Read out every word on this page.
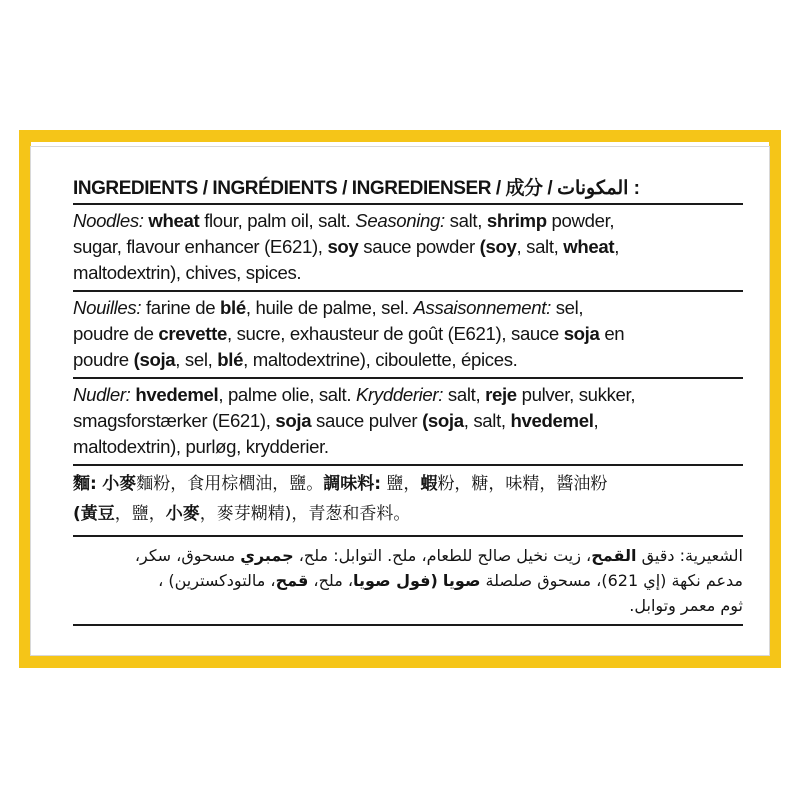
INGREDIENTS / INGRÉDIENTS / INGREDIENSER / 成分 / المكونات :
Noodles: wheat flour, palm oil, salt. Seasoning: salt, shrimp powder,
sugar, flavour enhancer (E621), soy sauce powder (soy, salt, wheat,
maltodextrin), chives, spices.
Nouilles: farine de blé, huile de palme, sel. Assaisonnement: sel,
poudre de crevette, sucre, exhausteur de goût (E621), sauce soja en
poudre (soja, sel, blé, maltodextrine), ciboulette, épices.
Nudler: hvedemel, palme olie, salt. Krydderier: salt, reje pulver, sukker,
smagsforstærker (E621), soja sauce pulver (soja, salt, hvedemel,
maltodextrin), purløg, krydderier.
麵: 小麥麵粉，食用棕櫚油，鹽。調味料: 鹽，蝦粉，糖，味精，醬油粉
(黃豆，鹽，小麥，麥芽糊精)，青葱和香料。
الشعيرية: دقيق القمح، زيت نخيل صالح للطعام، ملح. التوابل: ملح، جمبري مسحوق، سكر،
مدعم نكهة (إي 621)، مسحوق صلصلة صويا (فول صويا، ملح، قمح، مالتودكسترين) ،
ثوم معمر وتوابل.
